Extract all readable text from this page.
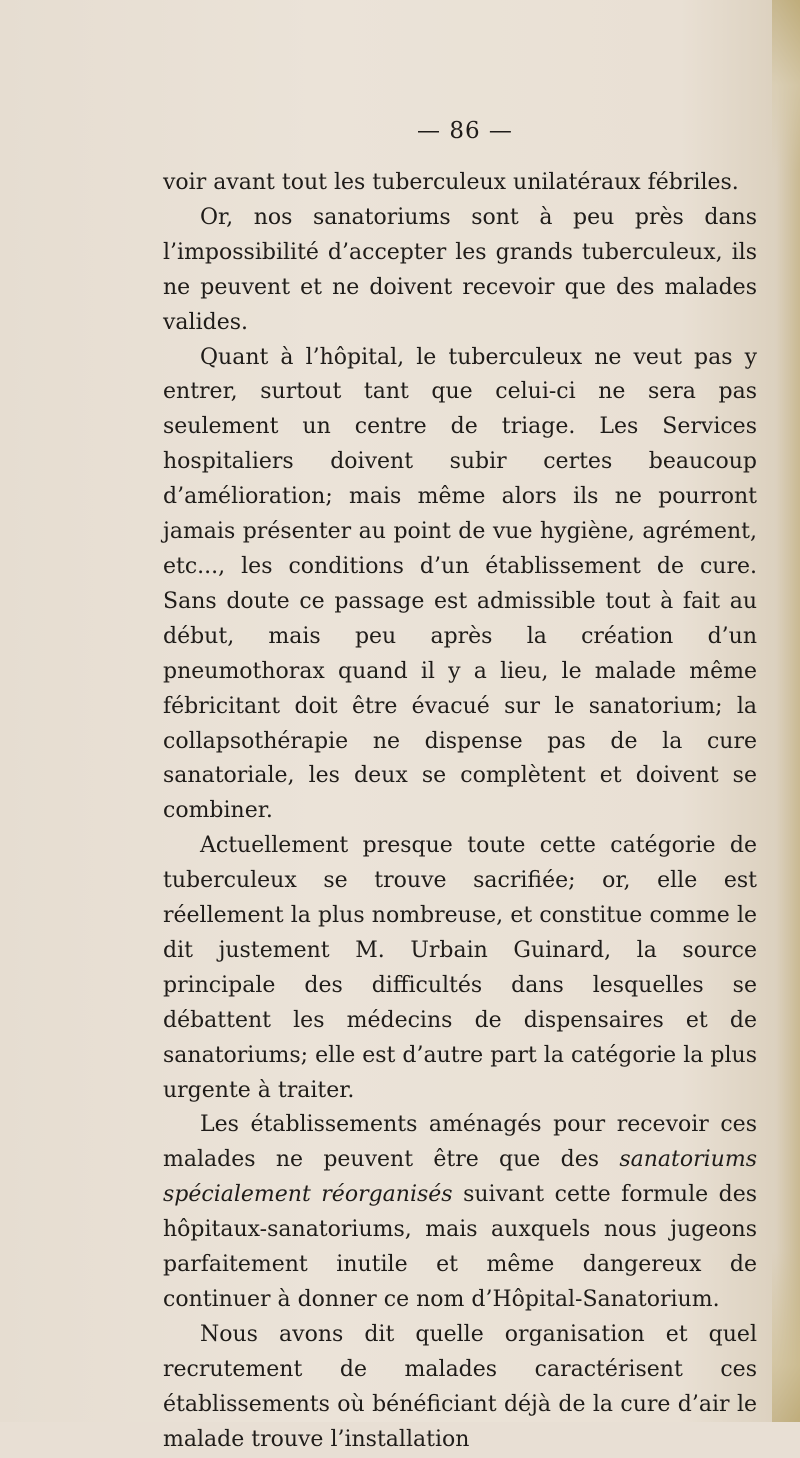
— 86 —

voir avant tout les tuberculeux unilatéraux fébriles.

Or, nos sanatoriums sont à peu près dans l’impossibilité d’accepter les grands tuberculeux, ils ne peuvent et ne doivent recevoir que des malades valides.

Quant à l’hôpital, le tuberculeux ne veut pas y entrer, surtout tant que celui-ci ne sera pas seulement un centre de triage. Les Services hospitaliers doivent subir certes beaucoup d’amélioration; mais même alors ils ne pourront jamais présenter au point de vue hygiène, agrément, etc..., les conditions d’un établissement de cure. Sans doute ce passage est admissible tout à fait au début, mais peu après la création d’un pneumothorax quand il y a lieu, le malade même fébricitant doit être évacué sur le sanatorium; la collapsothérapie ne dispense pas de la cure sanatoriale, les deux se complètent et doivent se combiner.

Actuellement presque toute cette catégorie de tuberculeux se trouve sacrifiée; or, elle est réellement la plus nombreuse, et constitue comme le dit justement M. Urbain Guinard, la source principale des difficultés dans lesquelles se débattent les médecins de dispensaires et de sanatoriums; elle est d’autre part la catégorie la plus urgente à traiter.

Les établissements aménagés pour recevoir ces malades ne peuvent être que des sanatoriums spécialement réorganisés suivant cette formule des hôpitaux-sanatoriums, mais auxquels nous jugeons parfaitement inutile et même dangereux de continuer à donner ce nom d’Hôpital-Sanatorium.

Nous avons dit quelle organisation et quel recrutement de malades caractérisent ces établissements où bénéficiant déjà de la cure d’air le malade trouve l’installation
